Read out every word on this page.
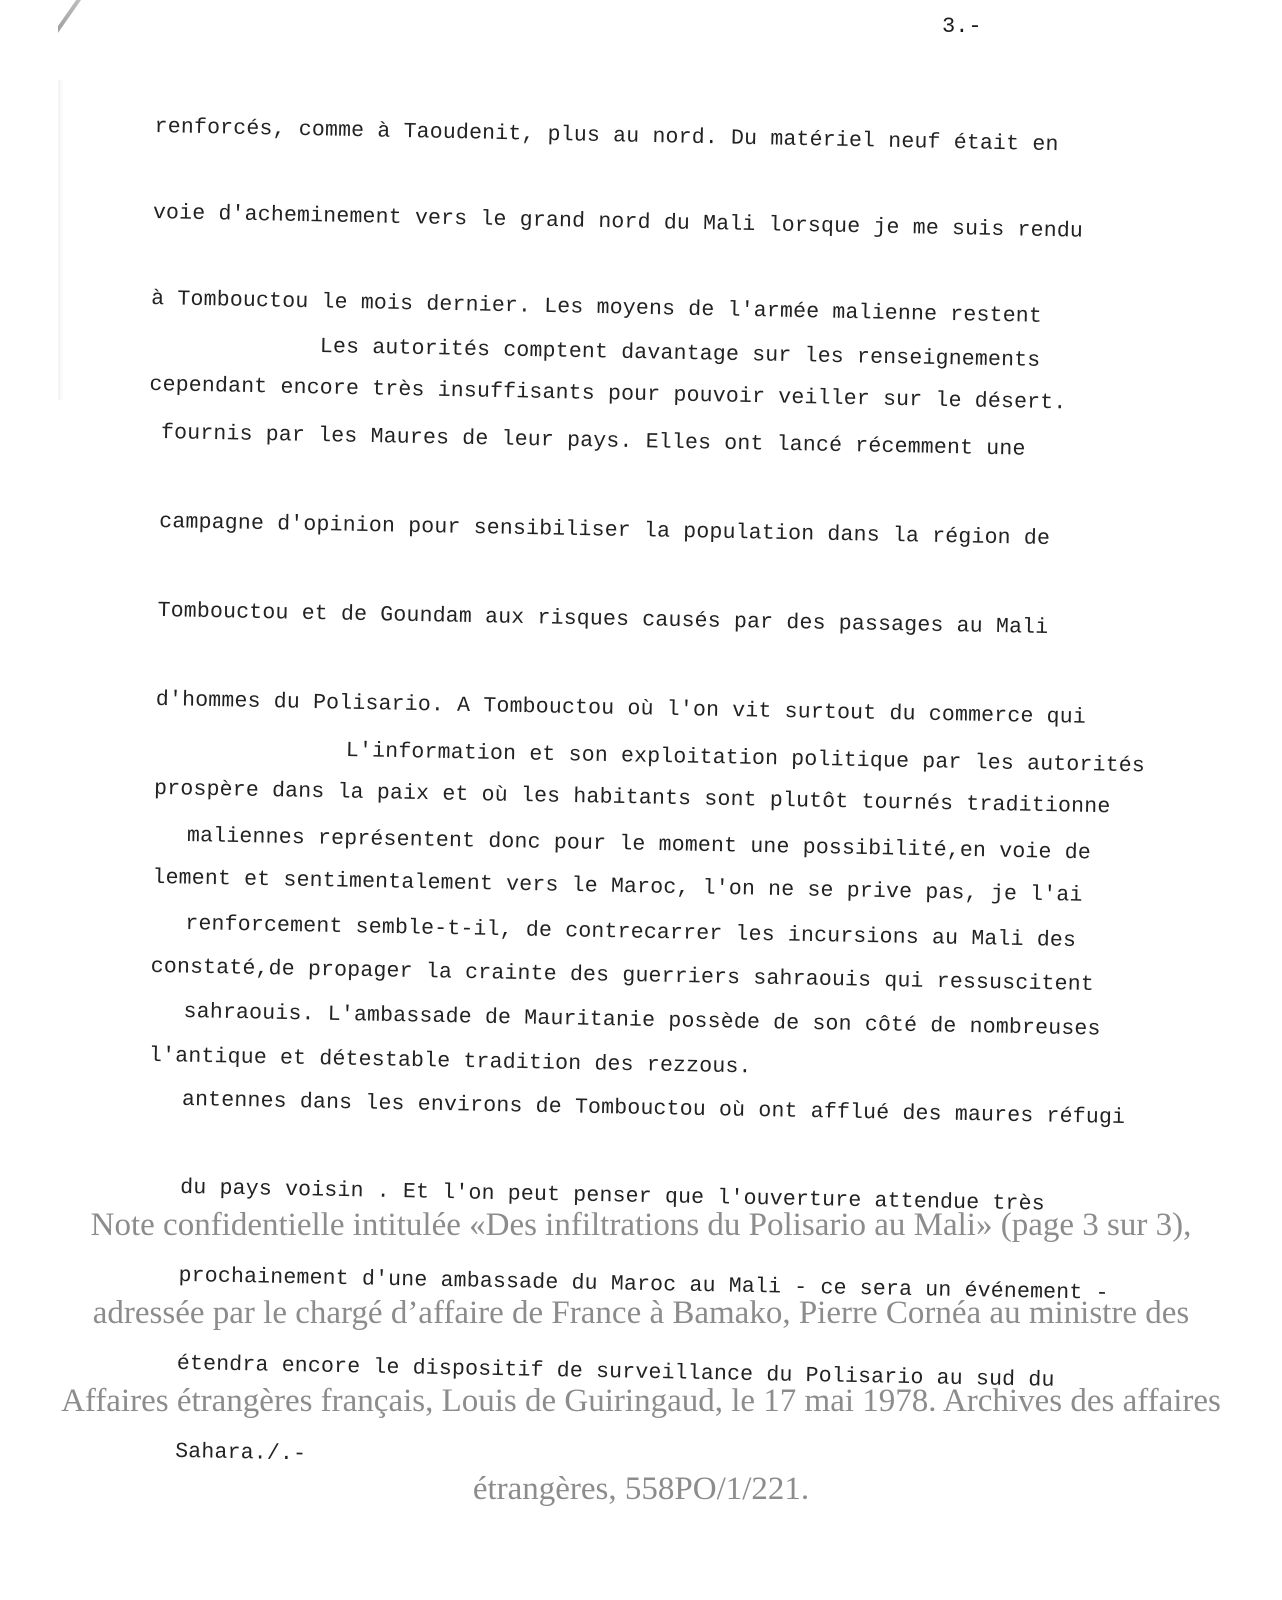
3.-

renforcés, comme à Taoudenit, plus au nord. Du matériel neuf était en

voie d'acheminement vers le grand nord du Mali lorsque je me suis rendu

à Tombouctou le mois dernier. Les moyens de l'armée malienne restent

cependant encore très insuffisants pour pouvoir veiller sur le désert.

Les autorités comptent davantage sur les renseignements

fournis par les Maures de leur pays. Elles ont lancé récemment une

campagne d'opinion pour sensibiliser la population dans la région de

Tombouctou et de Goundam aux risques causés par des passages au Mali

d'hommes du Polisario. A Tombouctou où l'on vit surtout du commerce qui

prospère dans la paix et où les habitants sont plutôt tournés traditionne

lement et sentimentalement vers le Maroc, l'on ne se prive pas, je l'ai

constaté,de propager la crainte des guerriers sahraouis qui ressuscitent

l'antique et détestable tradition des rezzous.

L'information et son exploitation politique par les autorités

maliennes représentent donc pour le moment une possibilité,en voie de

renforcement semble-t-il, de contrecarrer les incursions au Mali des

sahraouis. L'ambassade de Mauritanie possède de son côté de nombreuses

antennes dans les environs de Tombouctou où ont afflué des maures réfugi

du pays voisin . Et l'on peut penser que l'ouverture attendue très

prochainement d'une ambassade du Maroc au Mali - ce sera un événement -

étendra encore le dispositif de surveillance du Polisario au sud du

Sahara./.-

Note confidentielle intitulée «Des infiltrations du Polisario au Mali» (page 3 sur 3), adressée par le chargé d’affaire de France à Bamako, Pierre Cornéa au ministre des Affaires étrangères français, Louis de Guiringaud, le 17 mai 1978. Archives des affaires étrangères, 558PO/1/221.
